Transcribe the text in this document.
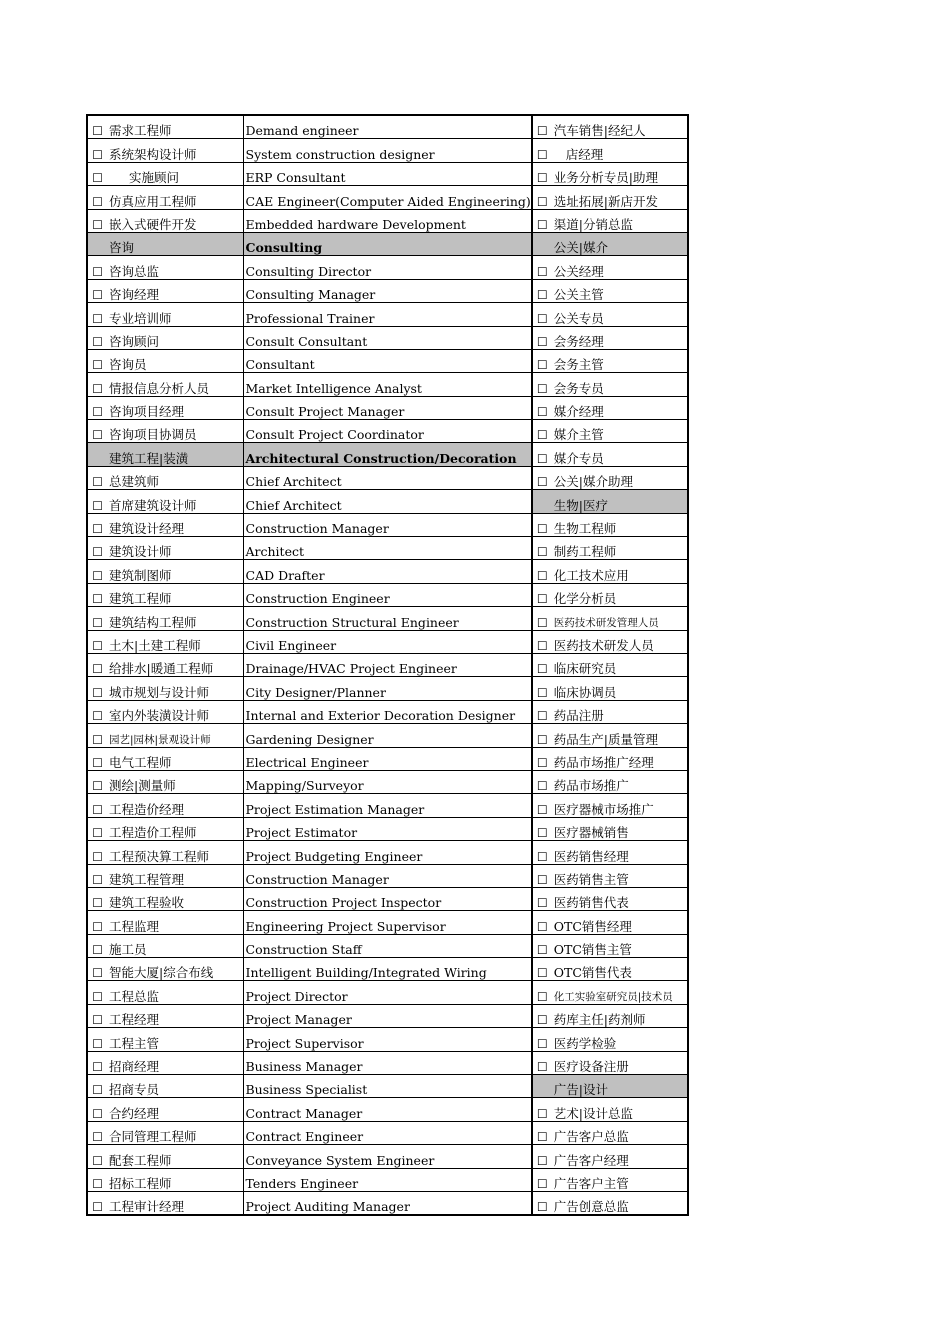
☐	需求工程师	Demand engineer	☐	汽车销售|经纪人
☐	系统架构设计师	System construction designer	☐	店经理
☐	实施顾问	ERP Consultant	☐	业务分析专员|助理
☐	仿真应用工程师	CAE Engineer(Computer Aided Engineering)	☐	选址拓展|新店开发
☐	嵌入式硬件开发	Embedded hardware Development	☐	渠道|分销总监
	咨询	Consulting		公关|媒介
☐	咨询总监	Consulting Director	☐	公关经理
☐	咨询经理	Consulting Manager	☐	公关主管
☐	专业培训师	Professional Trainer	☐	公关专员
☐	咨询顾问	Consult Consultant	☐	会务经理
☐	咨询员	Consultant	☐	会务主管
☐	情报信息分析人员	Market Intelligence Analyst	☐	会务专员
☐	咨询项目经理	Consult Project Manager	☐	媒介经理
☐	咨询项目协调员	Consult Project Coordinator	☐	媒介主管
	建筑工程|装潢	Architectural Construction/Decoration	☐	媒介专员
☐	总建筑师	Chief Architect	☐	公关|媒介助理
☐	首席建筑设计师	Chief Architect		生物|医疗
☐	建筑设计经理	Construction Manager	☐	生物工程师
☐	建筑设计师	Architect	☐	制药工程师
☐	建筑制图师	CAD Drafter	☐	化工技术应用
☐	建筑工程师	Construction Engineer	☐	化学分析员
☐	建筑结构工程师	Construction Structural Engineer	☐	医药技术研发管理人员
☐	土木|土建工程师	Civil Engineer	☐	医药技术研发人员
☐	给排水|暖通工程师	Drainage/HVAC Project Engineer	☐	临床研究员
☐	城市规划与设计师	City Designer/Planner	☐	临床协调员
☐	室内外装潢设计师	Internal and Exterior Decoration Designer	☐	药品注册
☐	园艺|园林|景观设计师	Gardening Designer	☐	药品生产|质量管理
☐	电气工程师	Electrical Engineer	☐	药品市场推广经理
☐	测绘|测量师	Mapping/Surveyor	☐	药品市场推广
☐	工程造价经理	Project Estimation Manager	☐	医疗器械市场推广
☐	工程造价工程师	Project Estimator	☐	医疗器械销售
☐	工程预决算工程师	Project Budgeting Engineer	☐	医药销售经理
☐	建筑工程管理	Construction Manager	☐	医药销售主管
☐	建筑工程验收	Construction Project Inspector	☐	医药销售代表
☐	工程监理	Engineering Project Supervisor	☐	OTC销售经理
☐	施工员	Construction Staff	☐	OTC销售主管
☐	智能大厦|综合布线	Intelligent Building/Integrated Wiring	☐	OTC销售代表
☐	工程总监	Project Director	☐	化工实验室研究员|技术员
☐	工程经理	Project Manager	☐	药库主任|药剂师
☐	工程主管	Project Supervisor	☐	医药学检验
☐	招商经理	Business Manager	☐	医疗设备注册
☐	招商专员	Business Specialist		广告|设计
☐	合约经理	Contract Manager	☐	艺术|设计总监
☐	合同管理工程师	Contract Engineer	☐	广告客户总监
☐	配套工程师	Conveyance System Engineer	☐	广告客户经理
☐	招标工程师	Tenders Engineer	☐	广告客户主管
☐	工程审计经理	Project Auditing Manager	☐	广告创意总监
